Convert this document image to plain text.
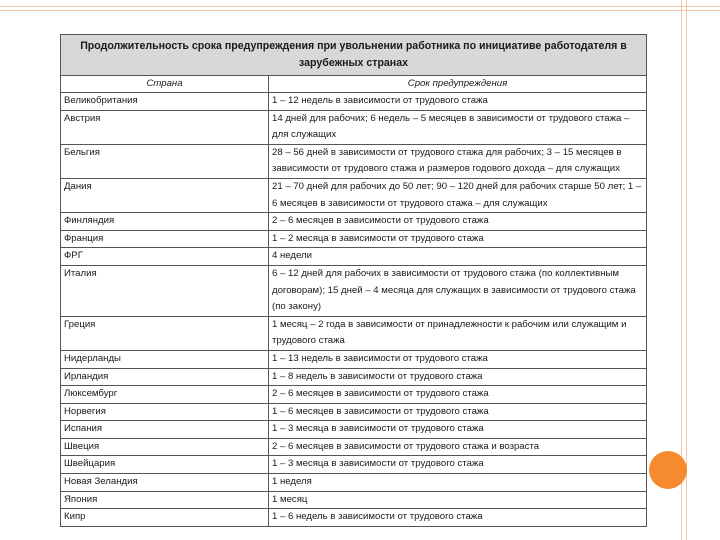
Продолжительность срока предупреждения при увольнении работника по инициативе работодателя в зарубежных странах	
Страна	Срок предупреждения
Великобритания	1 – 12 недель в зависимости от трудового стажа
Австрия	14 дней для рабочих; 6 недель – 5 месяцев в зависимости от трудового стажа – для служащих
Бельгия	28 – 56 дней в зависимости от трудового стажа для рабочих; 3 – 15 месяцев в зависимости от трудового стажа и размеров годового дохода – для служащих
Дания	21 – 70 дней для рабочих до 50 лет; 90 – 120 дней для рабочих старше 50 лет; 1 – 6 месяцев в зависимости от трудового стажа – для служащих
Финляндия	2 – 6 месяцев в зависимости от трудового стажа
Франция	1 – 2 месяца в зависимости от трудового стажа
ФРГ	4 недели
Италия	6 – 12 дней для рабочих в зависимости от трудового стажа (по коллективным договорам); 15 дней – 4 месяца для служащих в зависимости от трудового стажа (по закону)
Греция	1 месяц – 2 года в зависимости от принадлежности к рабочим или служащим и трудового стажа
Нидерланды	1 – 13 недель в зависимости от трудового стажа
Ирландия	1 – 8 недель в зависимости от трудового стажа
Люксембург	2 – 6 месяцев в зависимости от трудового стажа
Норвегия	1 – 6 месяцев в зависимости от трудового стажа
Испания	1 – 3 месяца в зависимости от трудового стажа
Швеция	2 – 6 месяцев в зависимости от трудового стажа и возраста
Швейцария	1 – 3 месяца в зависимости от трудового стажа
Новая Зеландия	1 неделя
Япония	1 месяц
Кипр	1 – 6 недель в зависимости от трудового стажа
